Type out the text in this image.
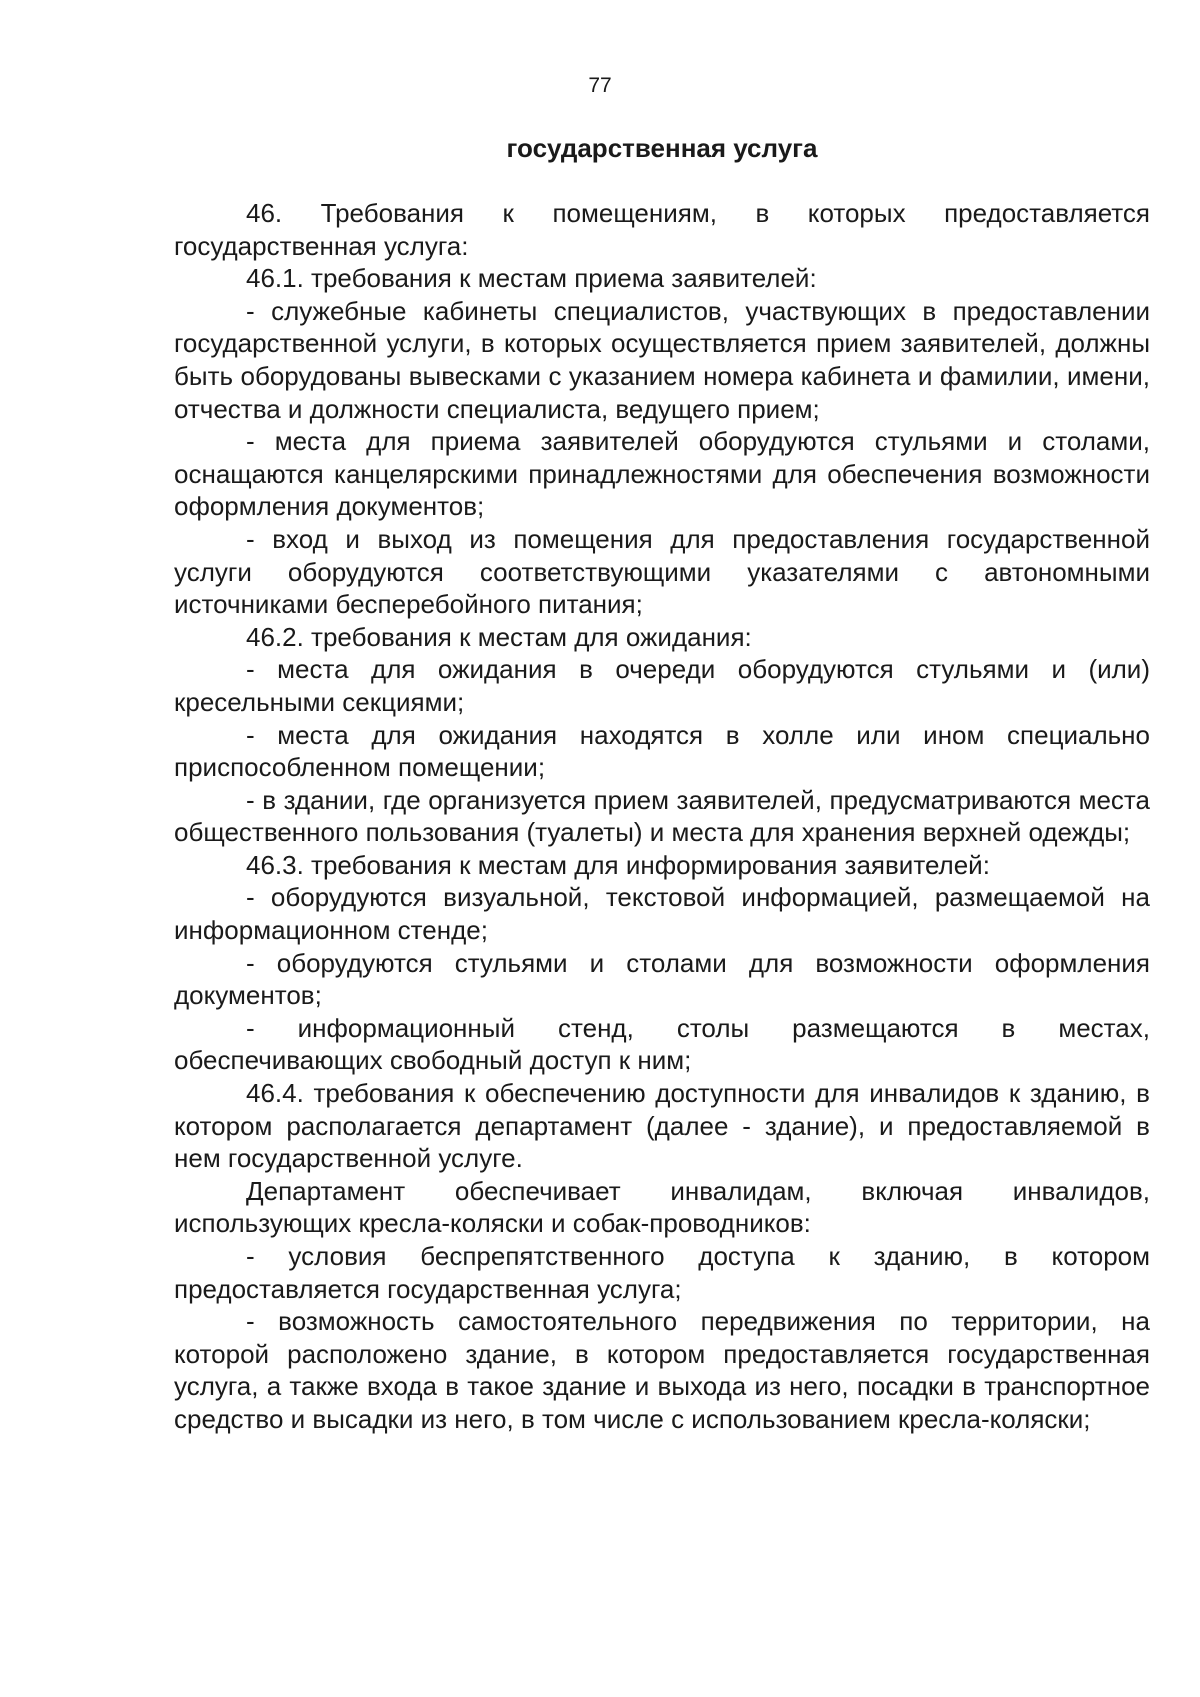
77
государственная услуга

46. Требования к помещениям, в которых предоставляется государственная услуга:

46.1. требования к местам приема заявителей:

- служебные кабинеты специалистов, участвующих в предоставлении государственной услуги, в которых осуществляется прием заявителей, должны быть оборудованы вывесками с указанием номера кабинета и фамилии, имени, отчества и должности специалиста, ведущего прием;

- места для приема заявителей оборудуются стульями и столами, оснащаются канцелярскими принадлежностями для обеспечения возможности оформления документов;

- вход и выход из помещения для предоставления государственной услуги оборудуются соответствующими указателями с автономными источниками бесперебойного питания;

46.2. требования к местам для ожидания:

- места для ожидания в очереди оборудуются стульями и (или) кресельными секциями;

- места для ожидания находятся в холле или ином специально приспособленном помещении;

- в здании, где организуется прием заявителей, предусматриваются места общественного пользования (туалеты) и места для хранения верхней одежды;

46.3. требования к местам для информирования заявителей:

- оборудуются визуальной, текстовой информацией, размещаемой на информационном стенде;

- оборудуются стульями и столами для возможности оформления документов;

- информационный стенд, столы размещаются в местах, обеспечивающих свободный доступ к ним;

46.4. требования к обеспечению доступности для инвалидов к зданию, в котором располагается департамент (далее - здание), и предоставляемой в нем государственной услуге.

Департамент обеспечивает инвалидам, включая инвалидов, использующих кресла-коляски и собак-проводников:

- условия беспрепятственного доступа к зданию, в котором предоставляется государственная услуга;

- возможность самостоятельного передвижения по территории, на которой расположено здание, в котором предоставляется государственная услуга, а также входа в такое здание и выхода из него, посадки в транспортное средство и высадки из него, в том числе с использованием кресла-коляски;
